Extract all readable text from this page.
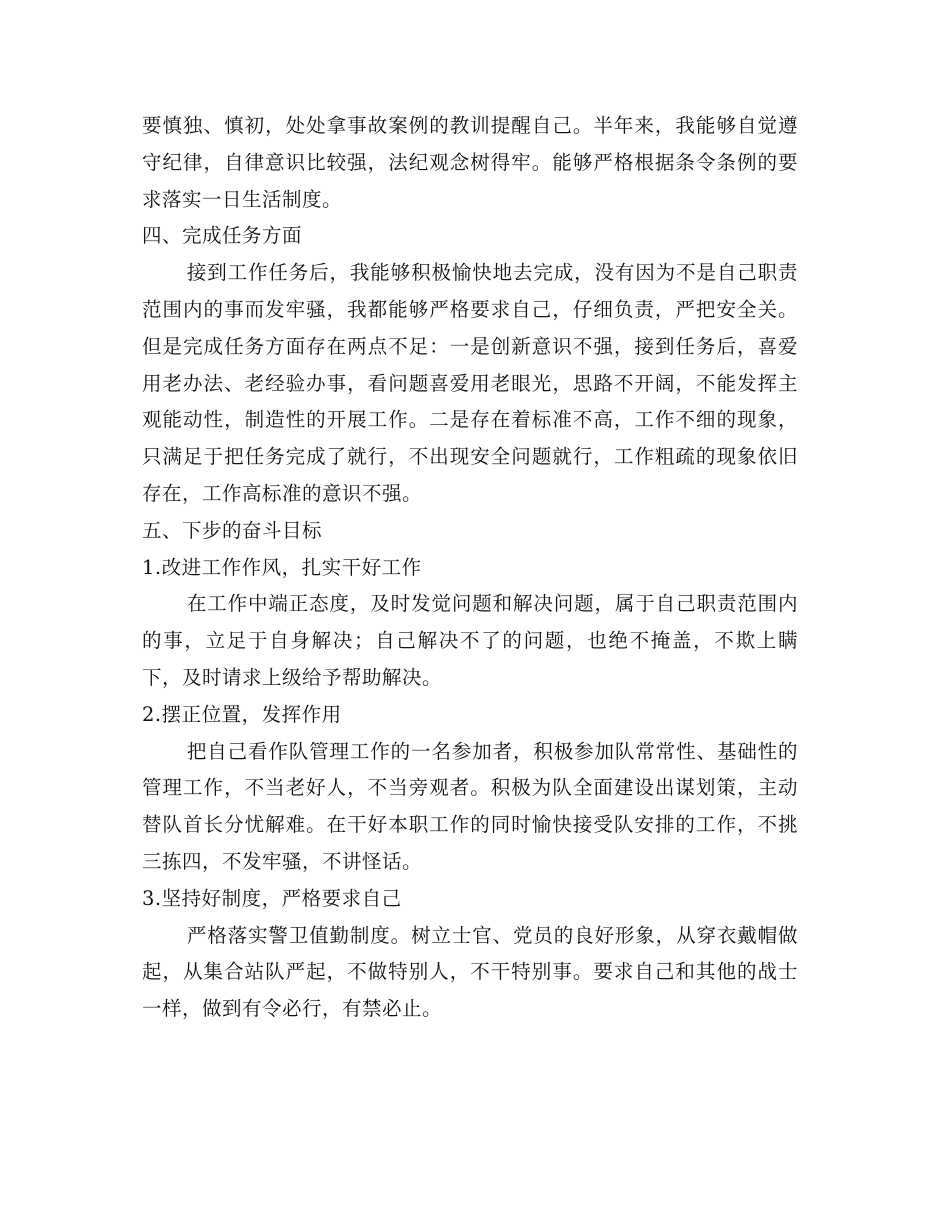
要慎独、慎初，处处拿事故案例的教训提醒自己。半年来，我能够自觉遵守纪律，自律意识比较强，法纪观念树得牢。能够严格根据条令条例的要求落实一日生活制度。

四、完成任务方面

接到工作任务后，我能够积极愉快地去完成，没有因为不是自己职责范围内的事而发牢骚，我都能够严格要求自己，仔细负责，严把安全关。但是完成任务方面存在两点不足：一是创新意识不强，接到任务后，喜爱用老办法、老经验办事，看问题喜爱用老眼光，思路不开阔，不能发挥主观能动性，制造性的开展工作。二是存在着标准不高，工作不细的现象，只满足于把任务完成了就行，不出现安全问题就行，工作粗疏的现象依旧存在，工作高标准的意识不强。

五、下步的奋斗目标

1.改进工作作风，扎实干好工作

在工作中端正态度，及时发觉问题和解决问题，属于自己职责范围内的事，立足于自身解决；自己解决不了的问题，也绝不掩盖，不欺上瞒下，及时请求上级给予帮助解决。

2.摆正位置，发挥作用

把自己看作队管理工作的一名参加者，积极参加队常常性、基础性的管理工作，不当老好人，不当旁观者。积极为队全面建设出谋划策，主动替队首长分忧解难。在干好本职工作的同时愉快接受队安排的工作，不挑三拣四，不发牢骚，不讲怪话。

3.坚持好制度，严格要求自己

严格落实警卫值勤制度。树立士官、党员的良好形象，从穿衣戴帽做起，从集合站队严起，不做特别人，不干特别事。要求自己和其他的战士一样，做到有令必行，有禁必止。
